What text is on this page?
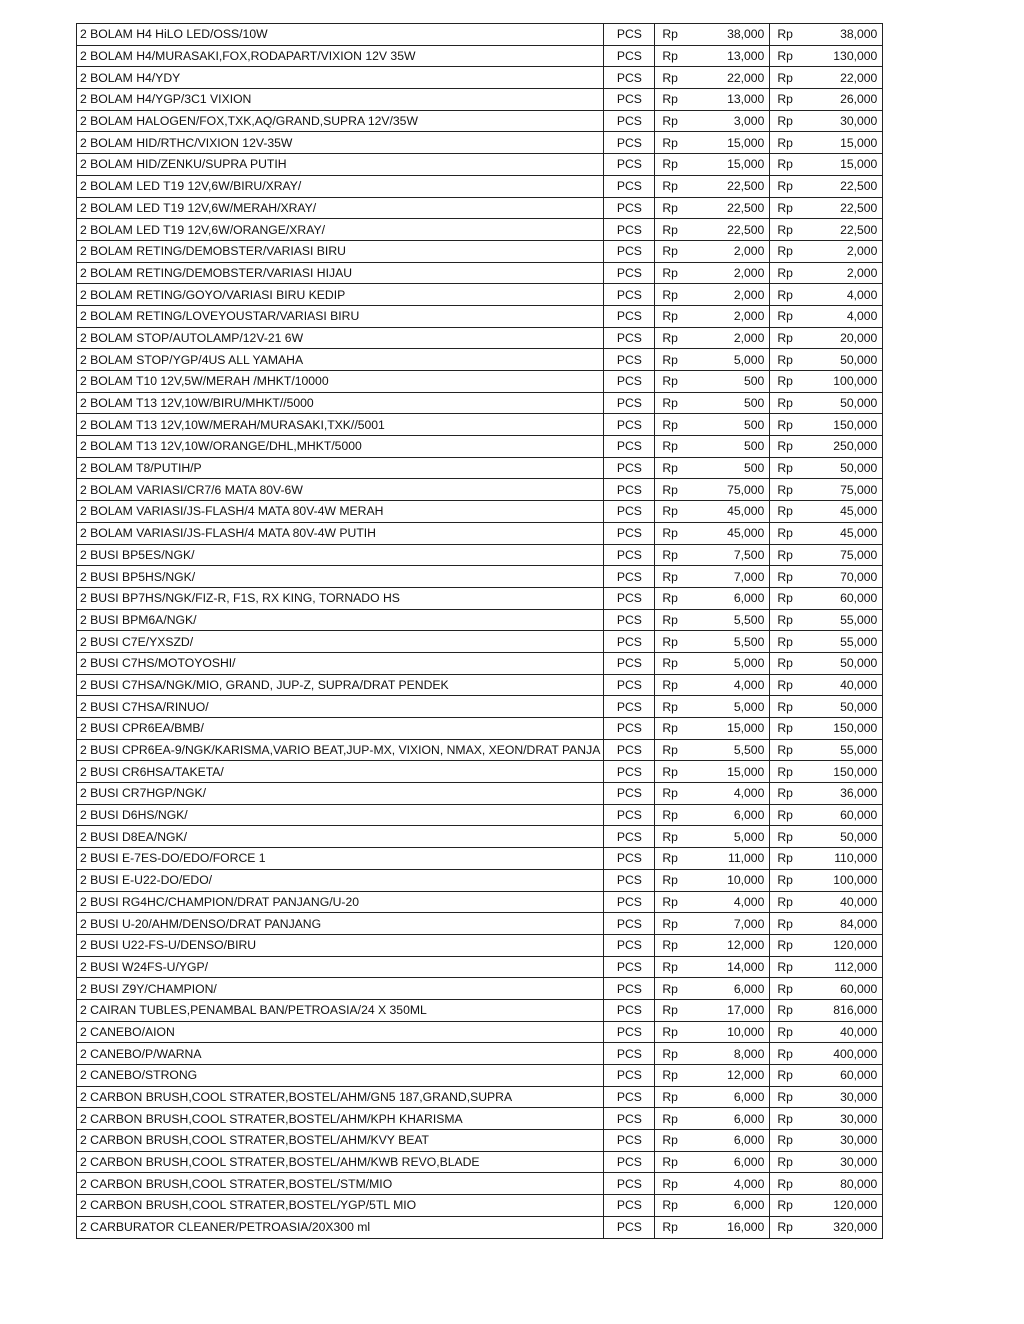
2 BOLAM H4 HiLO LED/OSS/10W	PCS	Rp 38,000	Rp 38,000

2 BOLAM H4/MURASAKI,FOX,RODAPART/VIXION 12V 35W	PCS	Rp 13,000	Rp 130,000

2 BOLAM H4/YDY	PCS	Rp 22,000	Rp 22,000

2 BOLAM H4/YGP/3C1 VIXION	PCS	Rp 13,000	Rp 26,000

2 BOLAM HALOGEN/FOX,TXK,AQ/GRAND,SUPRA 12V/35W	PCS	Rp 3,000	Rp 30,000

2 BOLAM HID/RTHC/VIXION 12V-35W	PCS	Rp 15,000	Rp 15,000

2 BOLAM HID/ZENKU/SUPRA PUTIH	PCS	Rp 15,000	Rp 15,000

2 BOLAM LED T19 12V,6W/BIRU/XRAY/	PCS	Rp 22,500	Rp 22,500

2 BOLAM LED T19 12V,6W/MERAH/XRAY/	PCS	Rp 22,500	Rp 22,500

2 BOLAM LED T19 12V,6W/ORANGE/XRAY/	PCS	Rp 22,500	Rp 22,500

2 BOLAM RETING/DEMOBSTER/VARIASI BIRU	PCS	Rp 2,000	Rp 2,000

2 BOLAM RETING/DEMOBSTER/VARIASI HIJAU	PCS	Rp 2,000	Rp 2,000

2 BOLAM RETING/GOYO/VARIASI BIRU KEDIP	PCS	Rp 2,000	Rp 4,000

2 BOLAM RETING/LOVEYOUSTAR/VARIASI BIRU	PCS	Rp 2,000	Rp 4,000

2 BOLAM STOP/AUTOLAMP/12V-21 6W	PCS	Rp 2,000	Rp 20,000

2 BOLAM STOP/YGP/4US ALL YAMAHA	PCS	Rp 5,000	Rp 50,000

2 BOLAM T10 12V,5W/MERAH /MHKT/10000	PCS	Rp 500	Rp 100,000

2 BOLAM T13 12V,10W/BIRU/MHKT//5000	PCS	Rp 500	Rp 50,000

2 BOLAM T13 12V,10W/MERAH/MURASAKI,TXK//5001	PCS	Rp 500	Rp 150,000

2 BOLAM T13 12V,10W/ORANGE/DHL,MHKT/5000	PCS	Rp 500	Rp 250,000

2 BOLAM T8/PUTIH/P	PCS	Rp 500	Rp 50,000

2 BOLAM VARIASI/CR7/6 MATA 80V-6W	PCS	Rp 75,000	Rp 75,000

2 BOLAM VARIASI/JS-FLASH/4 MATA 80V-4W MERAH	PCS	Rp 45,000	Rp 45,000

2 BOLAM VARIASI/JS-FLASH/4 MATA 80V-4W PUTIH	PCS	Rp 45,000	Rp 45,000

2 BUSI BP5ES/NGK/	PCS	Rp 7,500	Rp 75,000

2 BUSI BP5HS/NGK/	PCS	Rp 7,000	Rp 70,000

2 BUSI BP7HS/NGK/FIZ-R, F1S, RX KING, TORNADO HS	PCS	Rp 6,000	Rp 60,000

2 BUSI BPM6A/NGK/	PCS	Rp 5,500	Rp 55,000

2 BUSI C7E/YXSZD/	PCS	Rp 5,500	Rp 55,000

2 BUSI C7HS/MOTOYOSHI/	PCS	Rp 5,000	Rp 50,000

2 BUSI C7HSA/NGK/MIO, GRAND, JUP-Z, SUPRA/DRAT PENDEK	PCS	Rp 4,000	Rp 40,000

2 BUSI C7HSA/RINUO/	PCS	Rp 5,000	Rp 50,000

2 BUSI CPR6EA/BMB/	PCS	Rp 15,000	Rp 150,000

2 BUSI CPR6EA-9/NGK/KARISMA,VARIO BEAT,JUP-MX, VIXION, NMAX, XEON/DRAT PANJA	PCS	Rp 5,500	Rp 55,000

2 BUSI CR6HSA/TAKETA/	PCS	Rp 15,000	Rp 150,000

2 BUSI CR7HGP/NGK/	PCS	Rp 4,000	Rp 36,000

2 BUSI D6HS/NGK/	PCS	Rp 6,000	Rp 60,000

2 BUSI D8EA/NGK/	PCS	Rp 5,000	Rp 50,000

2 BUSI E-7ES-DO/EDO/FORCE 1	PCS	Rp 11,000	Rp 110,000

2 BUSI E-U22-DO/EDO/	PCS	Rp 10,000	Rp 100,000

2 BUSI RG4HC/CHAMPION/DRAT PANJANG/U-20	PCS	Rp 4,000	Rp 40,000

2 BUSI U-20/AHM/DENSO/DRAT PANJANG	PCS	Rp 7,000	Rp 84,000

2 BUSI U22-FS-U/DENSO/BIRU	PCS	Rp 12,000	Rp 120,000

2 BUSI W24FS-U/YGP/	PCS	Rp 14,000	Rp 112,000

2 BUSI Z9Y/CHAMPION/	PCS	Rp 6,000	Rp 60,000

2 CAIRAN TUBLES,PENAMBAL BAN/PETROASIA/24 X 350ML	PCS	Rp 17,000	Rp 816,000

2 CANEBO/AION	PCS	Rp 10,000	Rp 40,000

2 CANEBO/P/WARNA	PCS	Rp 8,000	Rp 400,000

2 CANEBO/STRONG	PCS	Rp 12,000	Rp 60,000

2 CARBON BRUSH,COOL STRATER,BOSTEL/AHM/GN5 187,GRAND,SUPRA	PCS	Rp 6,000	Rp 30,000

2 CARBON BRUSH,COOL STRATER,BOSTEL/AHM/KPH KHARISMA	PCS	Rp 6,000	Rp 30,000

2 CARBON BRUSH,COOL STRATER,BOSTEL/AHM/KVY BEAT	PCS	Rp 6,000	Rp 30,000

2 CARBON BRUSH,COOL STRATER,BOSTEL/AHM/KWB REVO,BLADE	PCS	Rp 6,000	Rp 30,000

2 CARBON BRUSH,COOL STRATER,BOSTEL/STM/MIO	PCS	Rp 4,000	Rp 80,000

2 CARBON BRUSH,COOL STRATER,BOSTEL/YGP/5TL MIO	PCS	Rp 6,000	Rp 120,000

2 CARBURATOR CLEANER/PETROASIA/20X300 ml	PCS	Rp 16,000	Rp 320,000
